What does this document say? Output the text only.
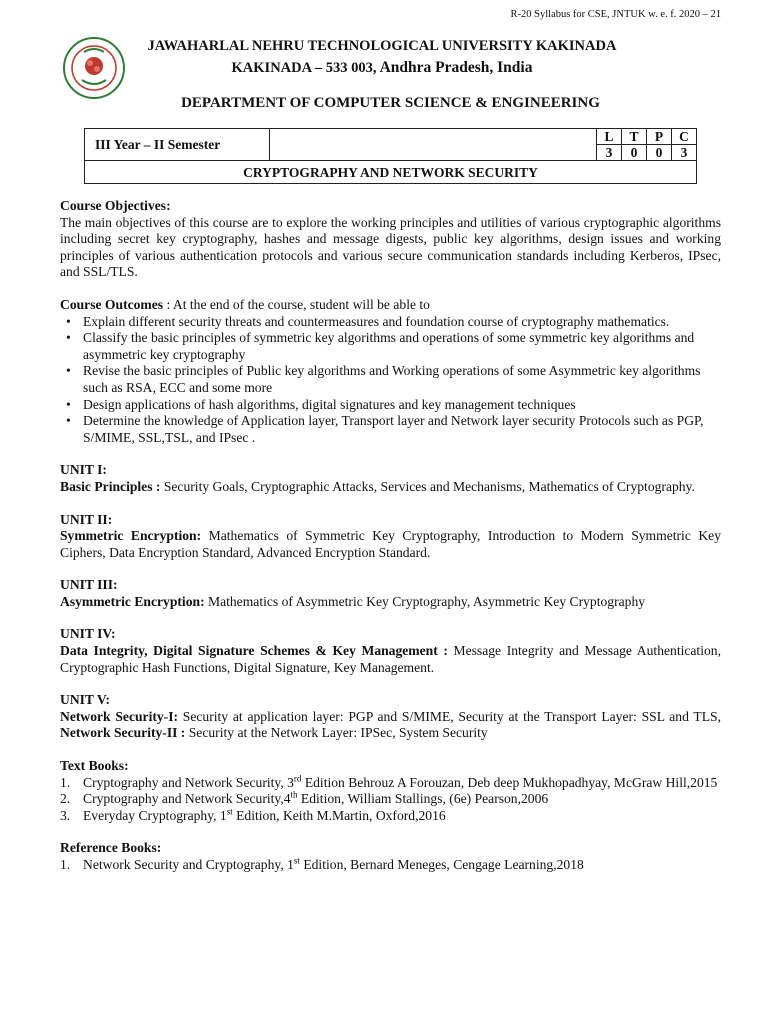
R-20 Syllabus for CSE, JNTUK w. e. f. 2020 – 21
JAWAHARLAL NEHRU TECHNOLOGICAL UNIVERSITY KAKINADA
KAKINADA – 533 003, Andhra Pradesh, India
DEPARTMENT OF COMPUTER SCIENCE & ENGINEERING
III Year – II Semester		L	T	P	C
		3	0	0	3
CRYPTOGRAPHY AND NETWORK SECURITY					
Course Objectives:

The main objectives of this course are to explore the working principles and utilities of various cryptographic algorithms including secret key cryptography, hashes and message digests, public key algorithms, design issues and working principles of various authentication protocols and various secure communication standards including Kerberos, IPsec, and SSL/TLS.

Course Outcomes : At the end of the course, student will be able to
• Explain different security threats and countermeasures and foundation course of cryptography mathematics.
• Classify the basic principles of symmetric key algorithms and operations of some symmetric key algorithms and asymmetric key cryptography
• Revise the basic principles of Public key algorithms and Working operations of some Asymmetric key algorithms such as RSA, ECC and some more
• Design applications of hash algorithms, digital signatures and key management techniques
• Determine the knowledge of Application layer, Transport layer and Network layer security Protocols such as PGP, S/MIME, SSL,TSL, and IPsec .
UNIT I:

Basic Principles : Security Goals, Cryptographic Attacks, Services and Mechanisms, Mathematics of Cryptography.

UNIT II:

Symmetric Encryption: Mathematics of Symmetric Key Cryptography, Introduction to Modern Symmetric Key Ciphers, Data Encryption Standard, Advanced Encryption Standard.

UNIT III:

Asymmetric Encryption: Mathematics of Asymmetric Key Cryptography, Asymmetric Key Cryptography

UNIT IV:

Data Integrity, Digital Signature Schemes & Key Management : Message Integrity and Message Authentication, Cryptographic Hash Functions, Digital Signature, Key Management.

UNIT V:

Network Security-I: Security at application layer: PGP and S/MIME, Security at the Transport Layer: SSL and TLS, Network Security-II : Security at the Network Layer: IPSec, System Security

Text Books:
1. Cryptography and Network Security, 3rd Edition Behrouz A Forouzan, Deb deep Mukhopadhyay, McGraw Hill,2015
2. Cryptography and Network Security,4th Edition, William Stallings, (6e) Pearson,2006
3. Everyday Cryptography, 1st Edition, Keith M.Martin, Oxford,2016
Reference Books:
1. Network Security and Cryptography, 1st Edition, Bernard Meneges, Cengage Learning,2018
